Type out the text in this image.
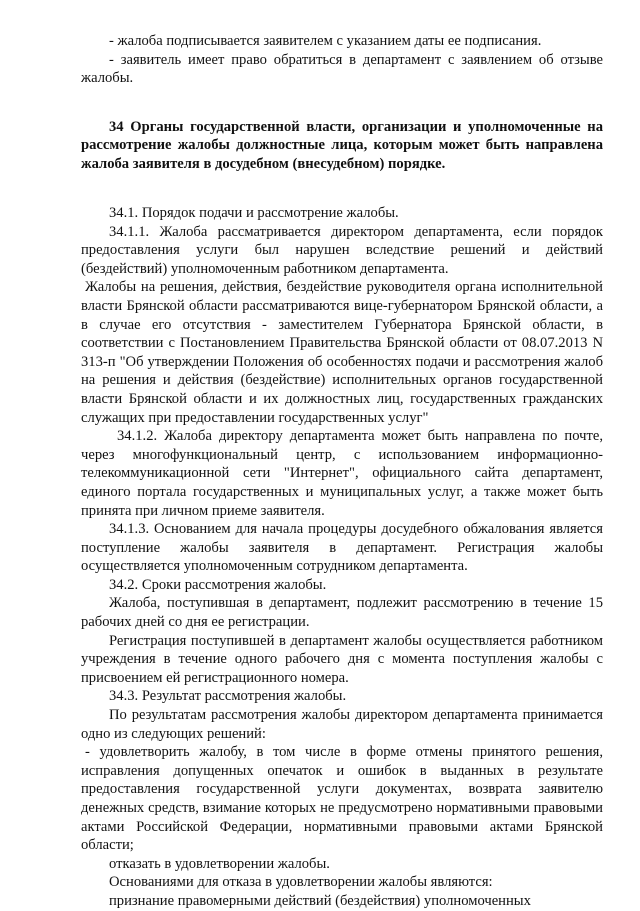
- жалоба подписывается заявителем с указанием даты ее подписания.

- заявитель имеет право обратиться в департамент с заявлением об отзыве жалобы.

34 Органы государственной власти, организации и уполномоченные на рассмотрение жалобы должностные лица, которым может быть направлена жалоба заявителя в досудебном (внесудебном) порядке.

34.1. Порядок подачи и рассмотрение жалобы.

34.1.1. Жалоба рассматривается директором департамента, если порядок предоставления услуги был нарушен вследствие решений и действий (бездействий) уполномоченным работником департамента.

Жалобы на решения, действия, бездействие руководителя органа исполнительной власти Брянской области рассматриваются вице-губернатором Брянской области, а в случае его отсутствия - заместителем Губернатора Брянской области, в соответствии с Постановлением Правительства Брянской области от 08.07.2013 N 313-п "Об утверждении Положения об особенностях подачи и рассмотрения жалоб на решения и действия (бездействие) исполнительных органов государственной власти Брянской области и их должностных лиц, государственных гражданских служащих при предоставлении государственных услуг"

34.1.2. Жалоба директору департамента может быть направлена по почте, через многофункциональный центр, с использованием информационно-телекоммуникационной сети "Интернет", официального сайта департамент, единого портала государственных и муниципальных услуг, а также может быть принята при личном приеме заявителя.

34.1.3. Основанием для начала процедуры досудебного обжалования является поступление жалобы заявителя в департамент. Регистрация жалобы осуществляется уполномоченным сотрудником департамента.

34.2. Сроки рассмотрения жалобы.

Жалоба, поступившая в департамент, подлежит рассмотрению в течение 15 рабочих дней со дня ее регистрации.

Регистрация поступившей в департамент жалобы осуществляется работником учреждения в течение одного рабочего дня с момента поступления жалобы с присвоением ей регистрационного номера.

34.3. Результат рассмотрения жалобы.

По результатам рассмотрения жалобы директором департамента принимается одно из следующих решений:

- удовлетворить жалобу, в том числе в форме отмены принятого решения, исправления допущенных опечаток и ошибок в выданных в результате предоставления государственной услуги документах, возврата заявителю денежных средств, взимание которых не предусмотрено нормативными правовыми актами Российской Федерации, нормативными правовыми актами Брянской области;

отказать в удовлетворении жалобы.

Основаниями для отказа в удовлетворении жалобы являются:

признание правомерными действий (бездействия) уполномоченных
